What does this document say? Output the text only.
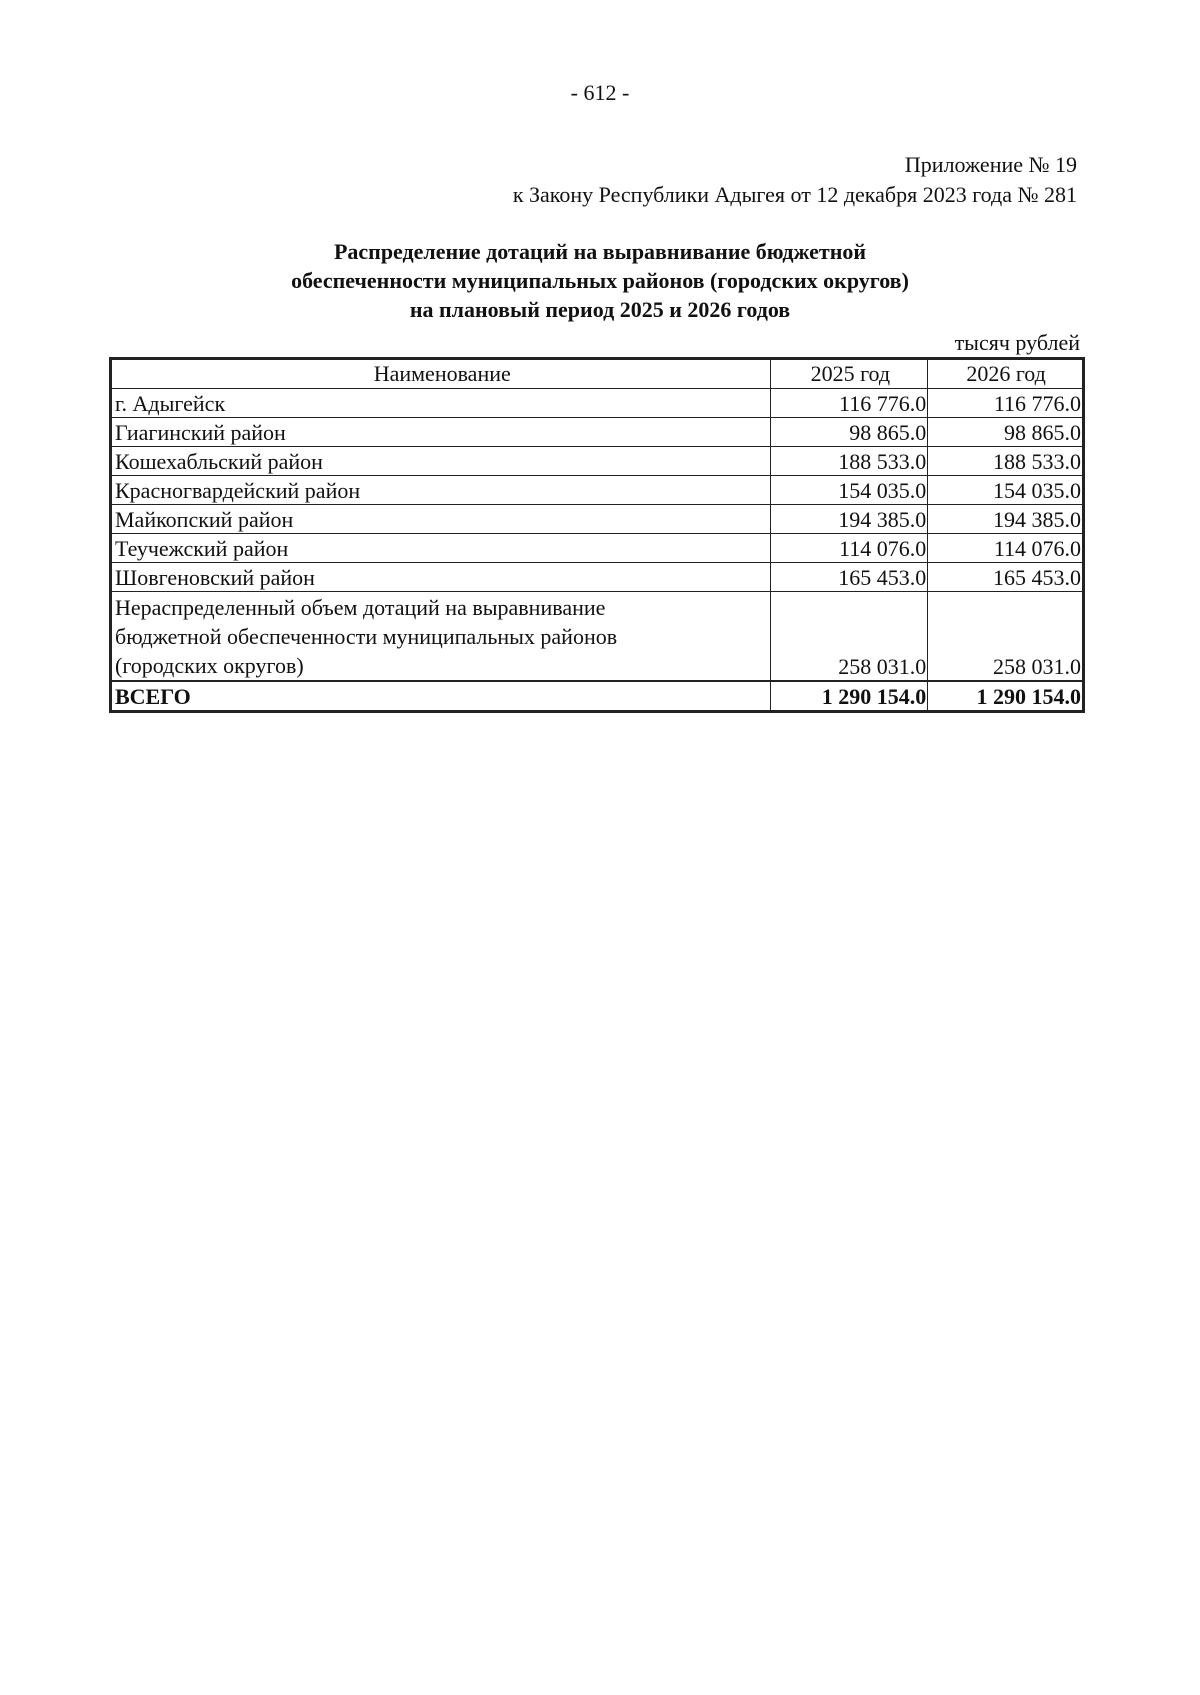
- 612 -
Приложение № 19
к Закону Республики Адыгея от 12 декабря 2023 года № 281
Распределение дотаций на выравнивание бюджетной
обеспеченности муниципальных районов (городских округов)
на плановый период 2025 и 2026 годов
тысяч рублей
Наименование	2025 год	2026 год
г. Адыгейск	116 776.0	116 776.0
Гиагинский район	98 865.0	98 865.0
Кошехабльский район	188 533.0	188 533.0
Красногвардейский район	154 035.0	154 035.0
Майкопский район	194 385.0	194 385.0
Теучежский район	114 076.0	114 076.0
Шовгеновский район	165 453.0	165 453.0

Нераспределенный объем дотаций на выравнивание
бюджетной обеспеченности муниципальных районов
(городских округов)	258 031.0	258 031.0
ВСЕГО	1 290 154.0	1 290 154.0
